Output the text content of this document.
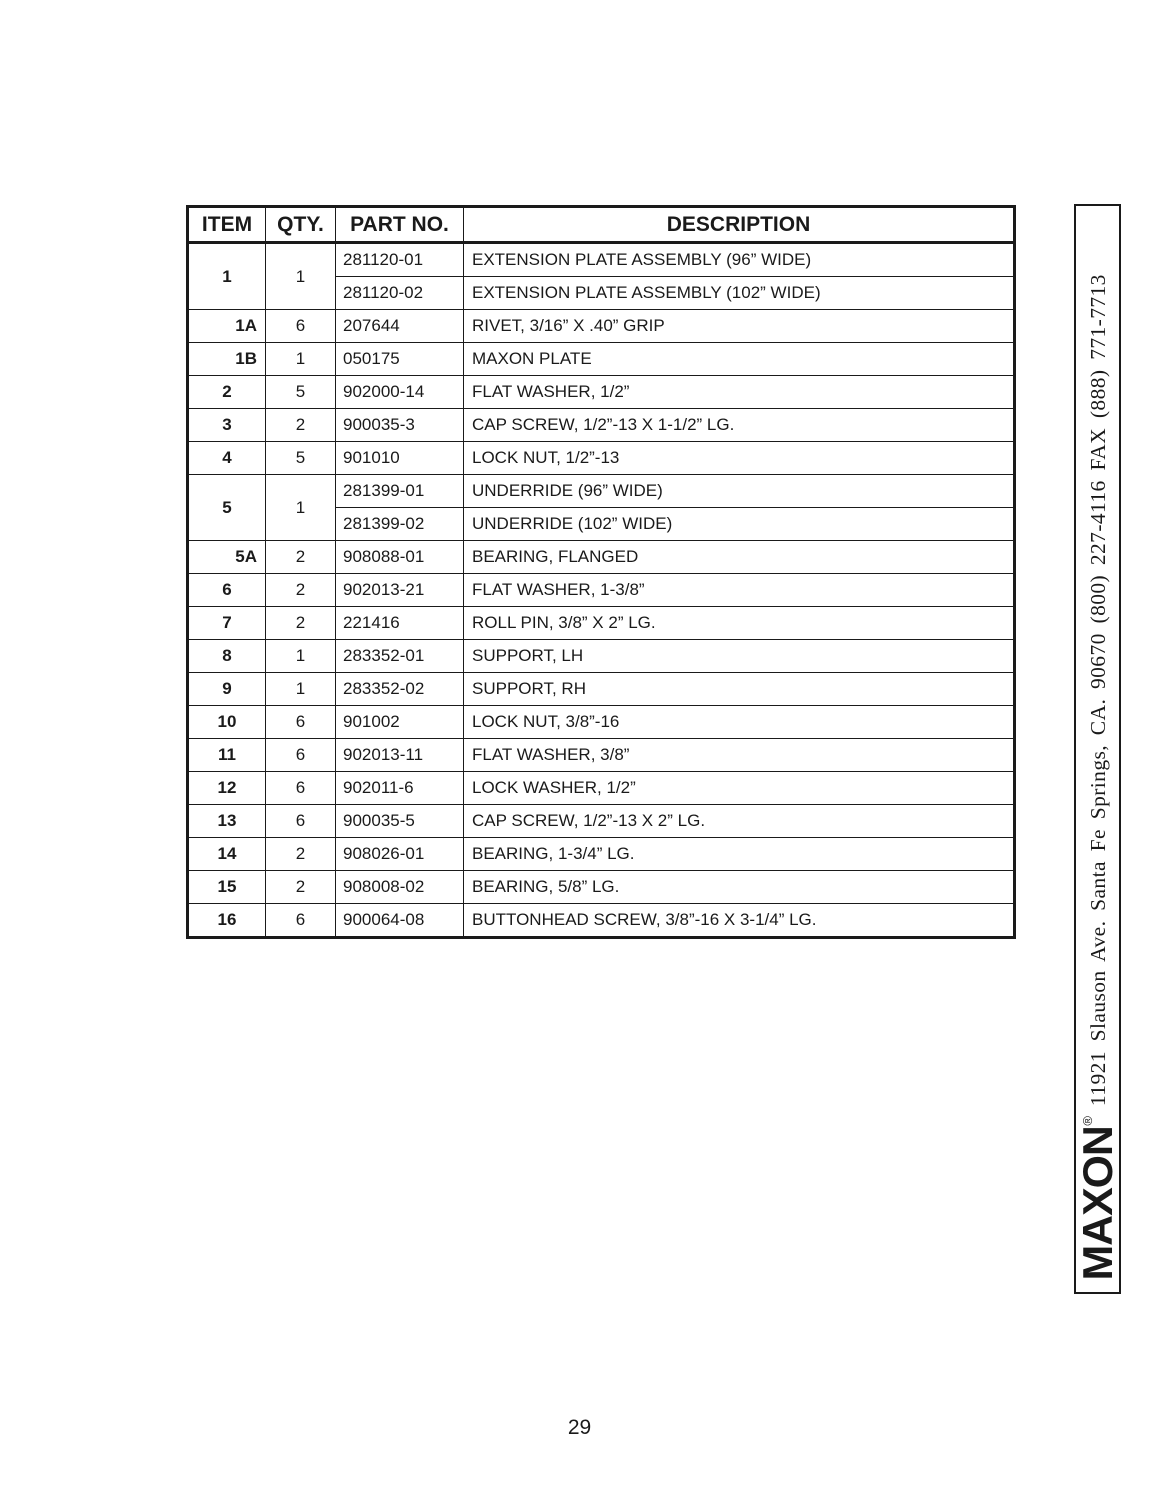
ITEM	QTY.	PART NO.	DESCRIPTION
1	1	281120-01	EXTENSION PLATE ASSEMBLY (96” WIDE)
		281120-02	EXTENSION PLATE ASSEMBLY (102” WIDE)
1A	6	207644	RIVET, 3/16” X .40” GRIP
1B	1	050175	MAXON PLATE
2	5	902000-14	FLAT WASHER, 1/2”
3	2	900035-3	CAP SCREW, 1/2”-13 X 1-1/2” LG.
4	5	901010	LOCK NUT, 1/2”-13
5	1	281399-01	UNDERRIDE (96” WIDE)
		281399-02	UNDERRIDE (102” WIDE)
5A	2	908088-01	BEARING, FLANGED
6	2	902013-21	FLAT WASHER, 1-3/8”
7	2	221416	ROLL PIN, 3/8” X 2” LG.
8	1	283352-01	SUPPORT, LH
9	1	283352-02	SUPPORT, RH
10	6	901002	LOCK NUT, 3/8”-16
11	6	902013-11	FLAT WASHER, 3/8”
12	6	902011-6	LOCK WASHER, 1/2”
13	6	900035-5	CAP SCREW, 1/2”-13 X 2” LG.
14	2	908026-01	BEARING, 1-3/4” LG.
15	2	908008-02	BEARING, 5/8” LG.
16	6	900064-08	BUTTONHEAD SCREW, 3/8”-16 X 3-1/4” LG.
MAXON
®
11921 Slauson Ave. Santa Fe Springs, CA. 90670 (800) 227-4116 FAX (888) 771-7713
29
